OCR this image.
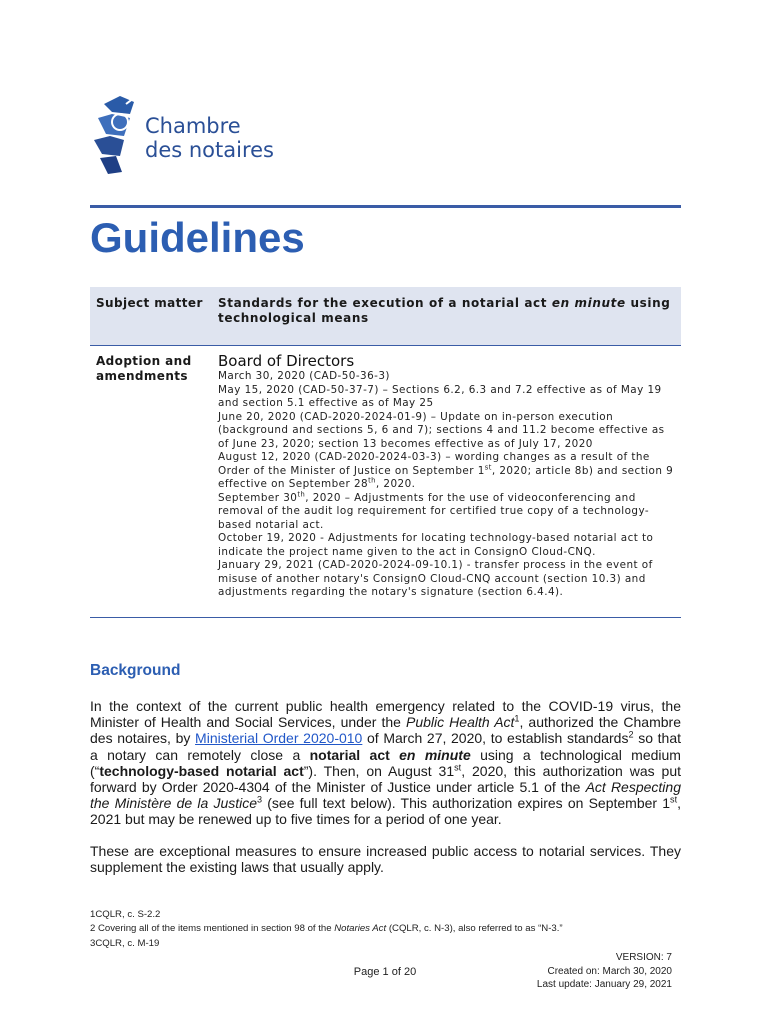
Chambre
des notaires
Guidelines
Subject matter Standards for the execution of a notarial act en minute using technological means
Adoption and amendments
Board of Directors
March 30, 2020 (CAD-50-36-3)
May 15, 2020 (CAD-50-37-7) – Sections 6.2, 6.3 and 7.2 effective as of May 19 and section 5.1 effective as of May 25
June 20, 2020 (CAD-2020-2024-01-9) – Update on in-person execution (background and sections 5, 6 and 7); sections 4 and 11.2 become effective as of June 23, 2020; section 13 becomes effective as of July 17, 2020
August 12, 2020 (CAD-2020-2024-03-3) – wording changes as a result of the Order of the Minister of Justice on September 1st, 2020; article 8b) and section 9 effective on September 28th, 2020.
September 30th, 2020 – Adjustments for the use of videoconferencing and removal of the audit log requirement for certified true copy of a technology-based notarial act.
October 19, 2020 - Adjustments for locating technology-based notarial act to indicate the project name given to the act in ConsignO Cloud-CNQ.
January 29, 2021 (CAD-2020-2024-09-10.1) - transfer process in the event of misuse of another notary's ConsignO Cloud-CNQ account (section 10.3) and adjustments regarding the notary's signature (section 6.4.4).
Background
In the context of the current public health emergency related to the COVID-19 virus, the Minister of Health and Social Services, under the Public Health Act$^1$, authorized the Chambre des notaires, by Ministerial Order 2020-010 of March 27, 2020, to establish standards$^2$ so that a notary can remotely close a notarial act en minute using a technological medium (“technology-based notarial act”). Then, on August 31st, 2020, this authorization was put forward by Order 2020-4304 of the Minister of Justice under article 5.1 of the Act Respecting the Ministère de la Justice$^3$ (see full text below). This authorization expires on September 1st, 2021 but may be renewed up to five times for a period of one year.
These are exceptional measures to ensure increased public access to notarial services. They supplement the existing laws that usually apply.
1CQLR, c. S-2.2
2 Covering all of the items mentioned in section 98 of the Notaries Act (CQLR, c. N-3), also referred to as “N-3.”
3CQLR, c. M-19
Page 1 of 20
VERSION: 7
Created on: March 30, 2020
Last update: January 29, 2021
